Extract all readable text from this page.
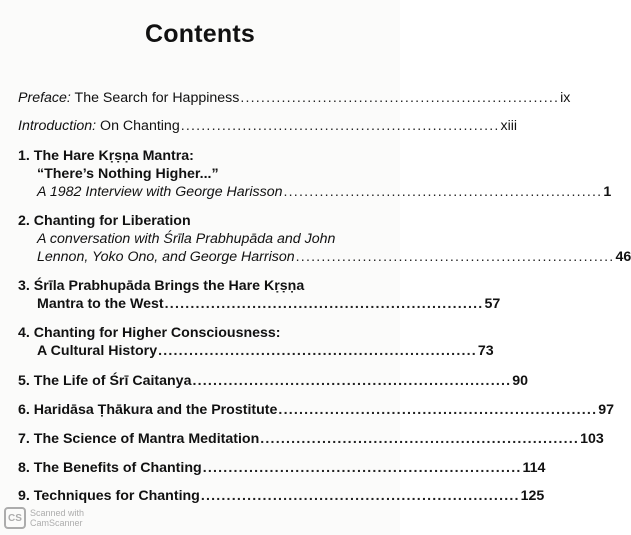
Contents
Preface: The Search for Happiness .............................................................. ix
Introduction: On Chanting .............................................................. xiii
1. The Hare Kṛṣṇa Mantra:
“There’s Nothing Higher...”
A 1982 Interview with George Harisson .............................................................. 1
2. Chanting for Liberation
A conversation with Śrīla Prabhupāda and John
Lennon, Yoko Ono, and George Harrison .............................................................. 46
3. Śrīla Prabhupāda Brings the Hare Kṛṣṇa
Mantra to the West .............................................................. 57
4. Chanting for Higher Consciousness:
A Cultural History .............................................................. 73
5. The Life of Śrī Caitanya .............................................................. 90
6. Haridāsa Ṭhākura and the Prostitute .............................................................. 97
7. The Science of Mantra Meditation .............................................................. 103
8. The Benefits of Chanting .............................................................. 114
9. Techniques for Chanting .............................................................. 125
CS Scanned with
CamScanner
